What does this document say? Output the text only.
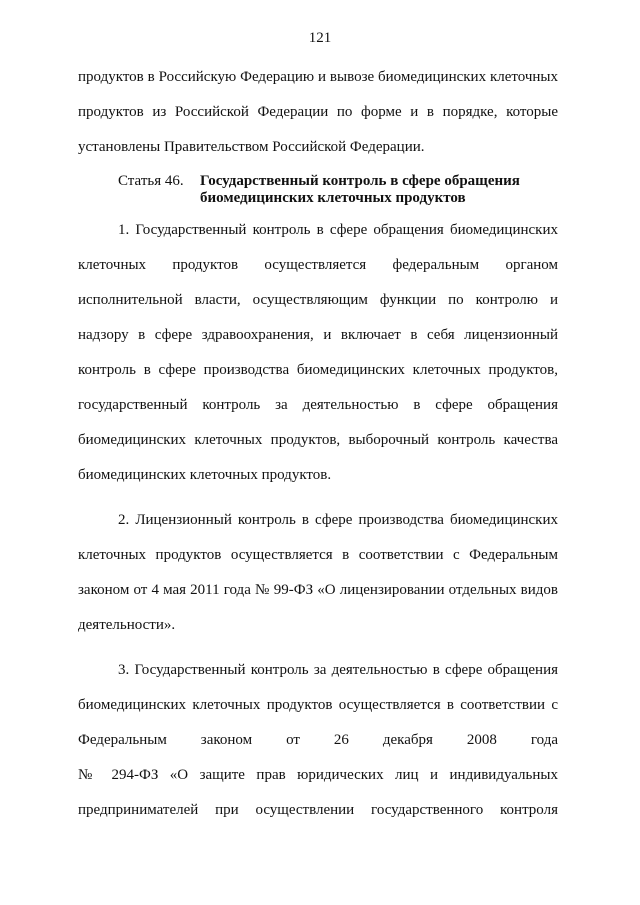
121
продуктов в Российскую Федерацию и вывозе биомедицинских клеточных
продуктов из Российской Федерации по форме и в порядке, которые
установлены Правительством Российской Федерации.
Статья 46.	Государственный контроль в сфере обращения
биомедицинских клеточных продуктов
1. Государственный контроль в сфере обращения биомедицинских
клеточных продуктов осуществляется федеральным органом
исполнительной власти, осуществляющим функции по контролю и
надзору в сфере здравоохранения, и включает в себя лицензионный
контроль в сфере производства биомедицинских клеточных продуктов,
государственный контроль за деятельностью в сфере обращения
биомедицинских клеточных продуктов, выборочный контроль качества
биомедицинских клеточных продуктов.
2. Лицензионный контроль в сфере производства биомедицинских
клеточных продуктов осуществляется в соответствии с Федеральным
законом от 4 мая 2011 года № 99-ФЗ «О лицензировании отдельных видов
деятельности».
3. Государственный контроль за деятельностью в сфере обращения
биомедицинских клеточных продуктов осуществляется в соответствии с
Федеральным законом от 26 декабря 2008 года
№ 294-ФЗ «О защите прав юридических лиц и индивидуальных
предпринимателей при осуществлении государственного контроля
